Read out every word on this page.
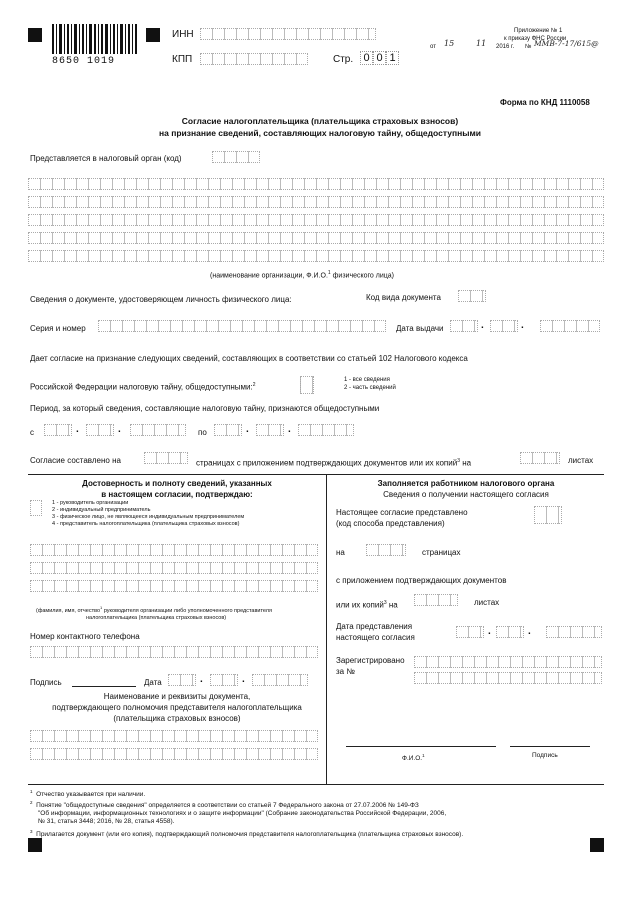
8650 1019
ИНН
КПП	Стр. 0 0 1
Приложение № 1
к приказу ФНС России
от 15	11 2016 г. № ММВ-7-17/615@
Форма по КНД 1110058
Согласие налогоплательщика (плательщика страховых взносов)
на признание сведений, составляющих налоговую тайну, общедоступными
Представляется в налоговый орган (код)
(наименование организации, Ф.И.О.$^1$ физического лица)
Сведения о документе, удостоверяющем личность физического лица:	Код вида документа
Серия и номер	Дата выдачи	.	.
Дает согласие на признание следующих сведений, составляющих в соответствии со статьей 102 Налогового кодекса
Российской Федерации налоговую тайну, общедоступными:$^2$
1 - все сведения
2 - часть сведений
Период, за который сведения, составляющие налоговую тайну, признаются общедоступными
с	.	.	по	.	.
Согласие составлено на	страницах с приложением подтверждающих документов или их копий$^3$ на	листах
Достоверность и полноту сведений, указанных
в настоящем согласии, подтверждаю:
1 - руководитель организации
2 - индивидуальный предприниматель
3 - физическое лицо, не являющееся индивидуальным предпринимателем
4 - представитель налогоплательщика (плательщика страховых взносов)
(фамилия, имя, отчество$^1$ руководителя организации либо уполномоченного представителя
налогоплательщика (плательщика страховых взносов)
Номер контактного телефона
Подпись	Дата	.	.
Наименование и реквизиты документа,
подтверждающего полномочия представителя налогоплательщика
(плательщика страховых взносов)
Заполняется работником налогового органа
Сведения о получении настоящего согласия
Настоящее согласие представлено
(код способа представления)
на	страницах
с приложением подтверждающих документов
или их копий$^3$ на	листах
Дата представления
настоящего согласия
.	.
Зарегистрировано
за №
Ф.И.О.$^1$	Подпись
$^1$ Отчество указывается при наличии.
$^2$ Понятие "общедоступные сведения" определяется в соответствии со статьей 7 Федерального закона от 27.07.2006 № 149-ФЗ
"Об информации, информационных технологиях и о защите информации" (Собрание законодательства Российской Федерации, 2006,
№ 31, статья 3448; 2016, № 28, статья 4558).
$^3$ Прилагается документ (или его копия), подтверждающий полномочия представителя налогоплательщика (плательщика страховых взносов).
